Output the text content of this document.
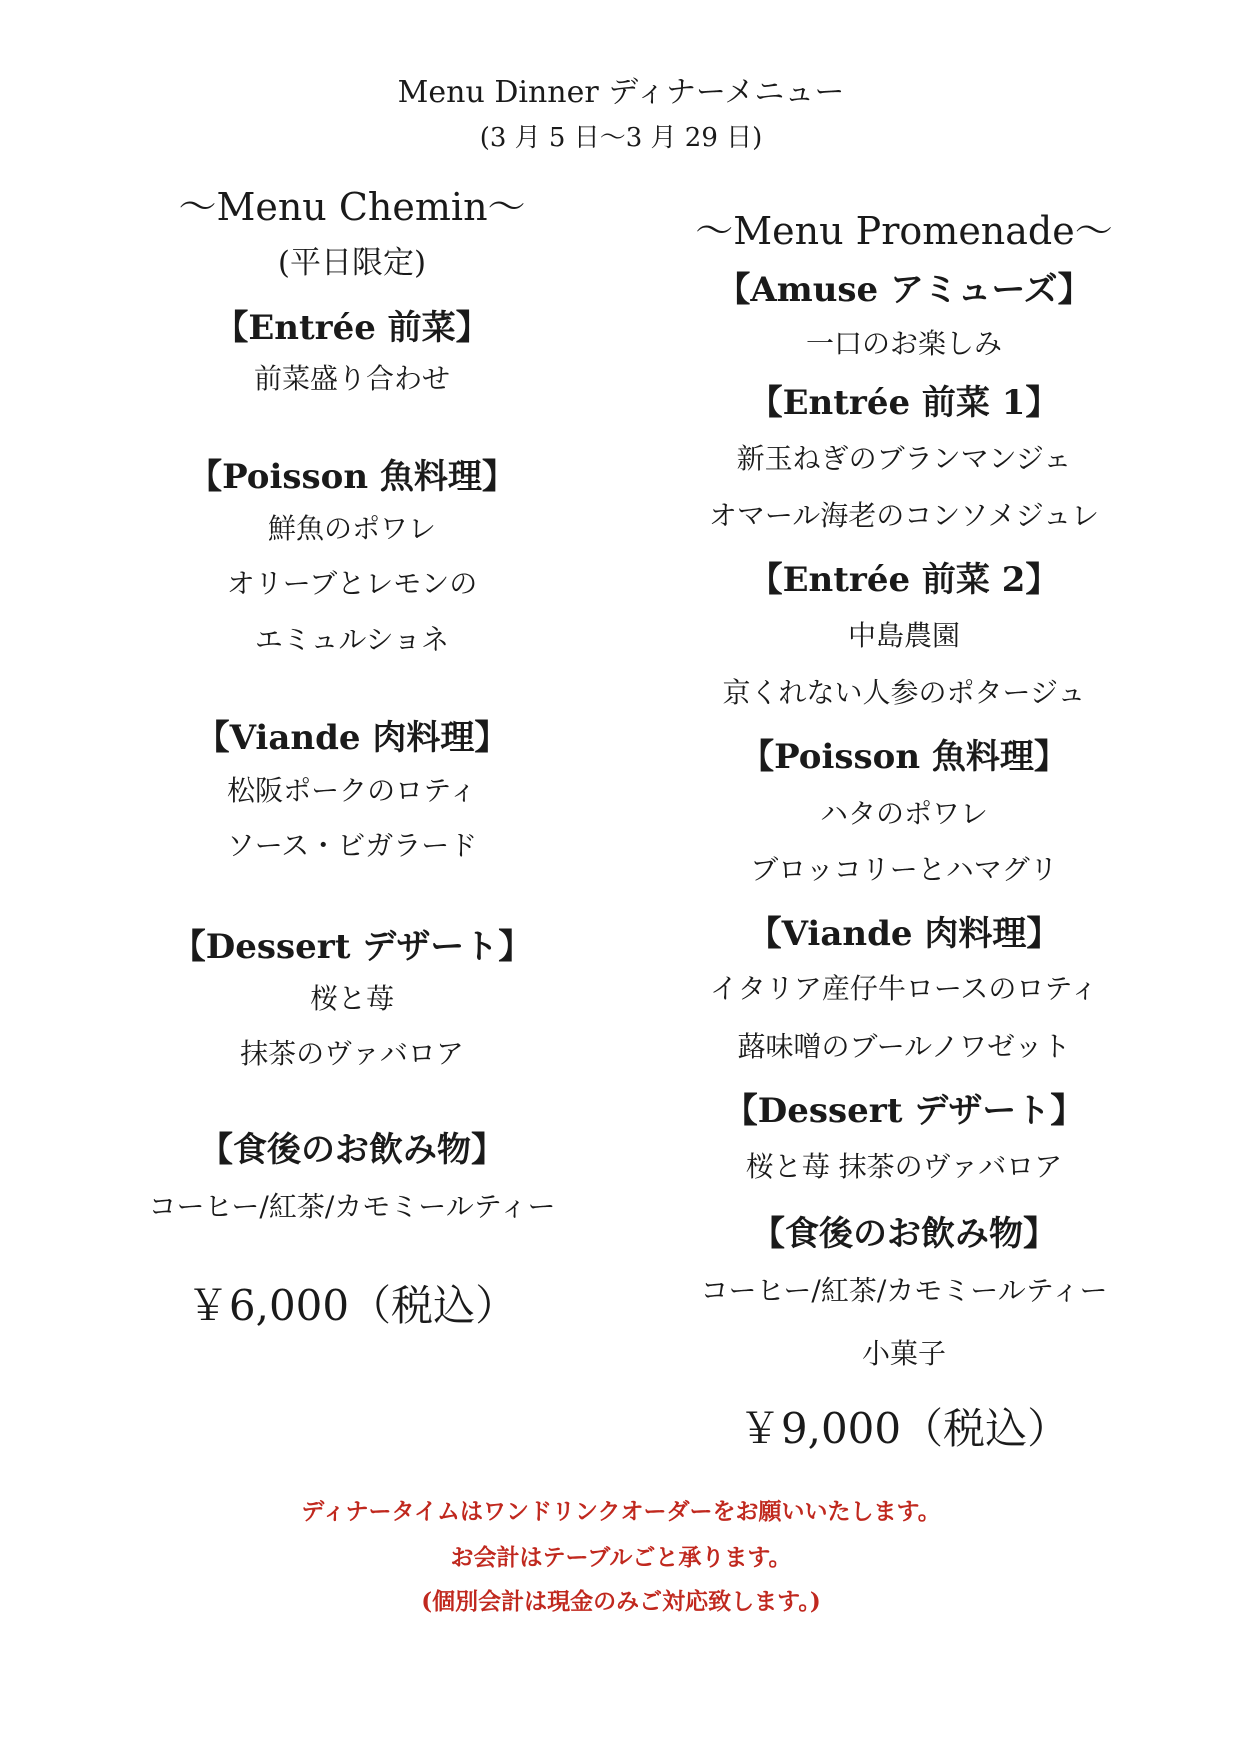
Menu Dinner ディナーメニュー
(3 月 5 日〜3 月 29 日)
〜Menu Chemin〜
(平日限定)
【Entrée 前菜】
前菜盛り合わせ
【Poisson 魚料理】
鮮魚のポワレ
オリーブとレモンの
エミュルショネ
【Viande 肉料理】
松阪ポークのロティ
ソース・ビガラード
【Dessert デザート】
桜と苺
抹茶のヴァバロア
【食後のお飲み物】
コーヒー/紅茶/カモミールティー
￥6,000（税込）
〜Menu Promenade〜
【Amuse アミューズ】
一口のお楽しみ
【Entrée 前菜 1】
新玉ねぎのブランマンジェ
オマール海老のコンソメジュレ
【Entrée 前菜 2】
中島農園
京くれない人参のポタージュ
【Poisson 魚料理】
ハタのポワレ
ブロッコリーとハマグリ
【Viande 肉料理】
イタリア産仔牛ロースのロティ
蕗味噌のブールノワゼット
【Dessert デザート】
桜と苺 抹茶のヴァバロア
【食後のお飲み物】
コーヒー/紅茶/カモミールティー
小菓子
￥9,000（税込）
ディナータイムはワンドリンクオーダーをお願いいたします。
お会計はテーブルごと承ります。
(個別会計は現金のみご対応致します。)
